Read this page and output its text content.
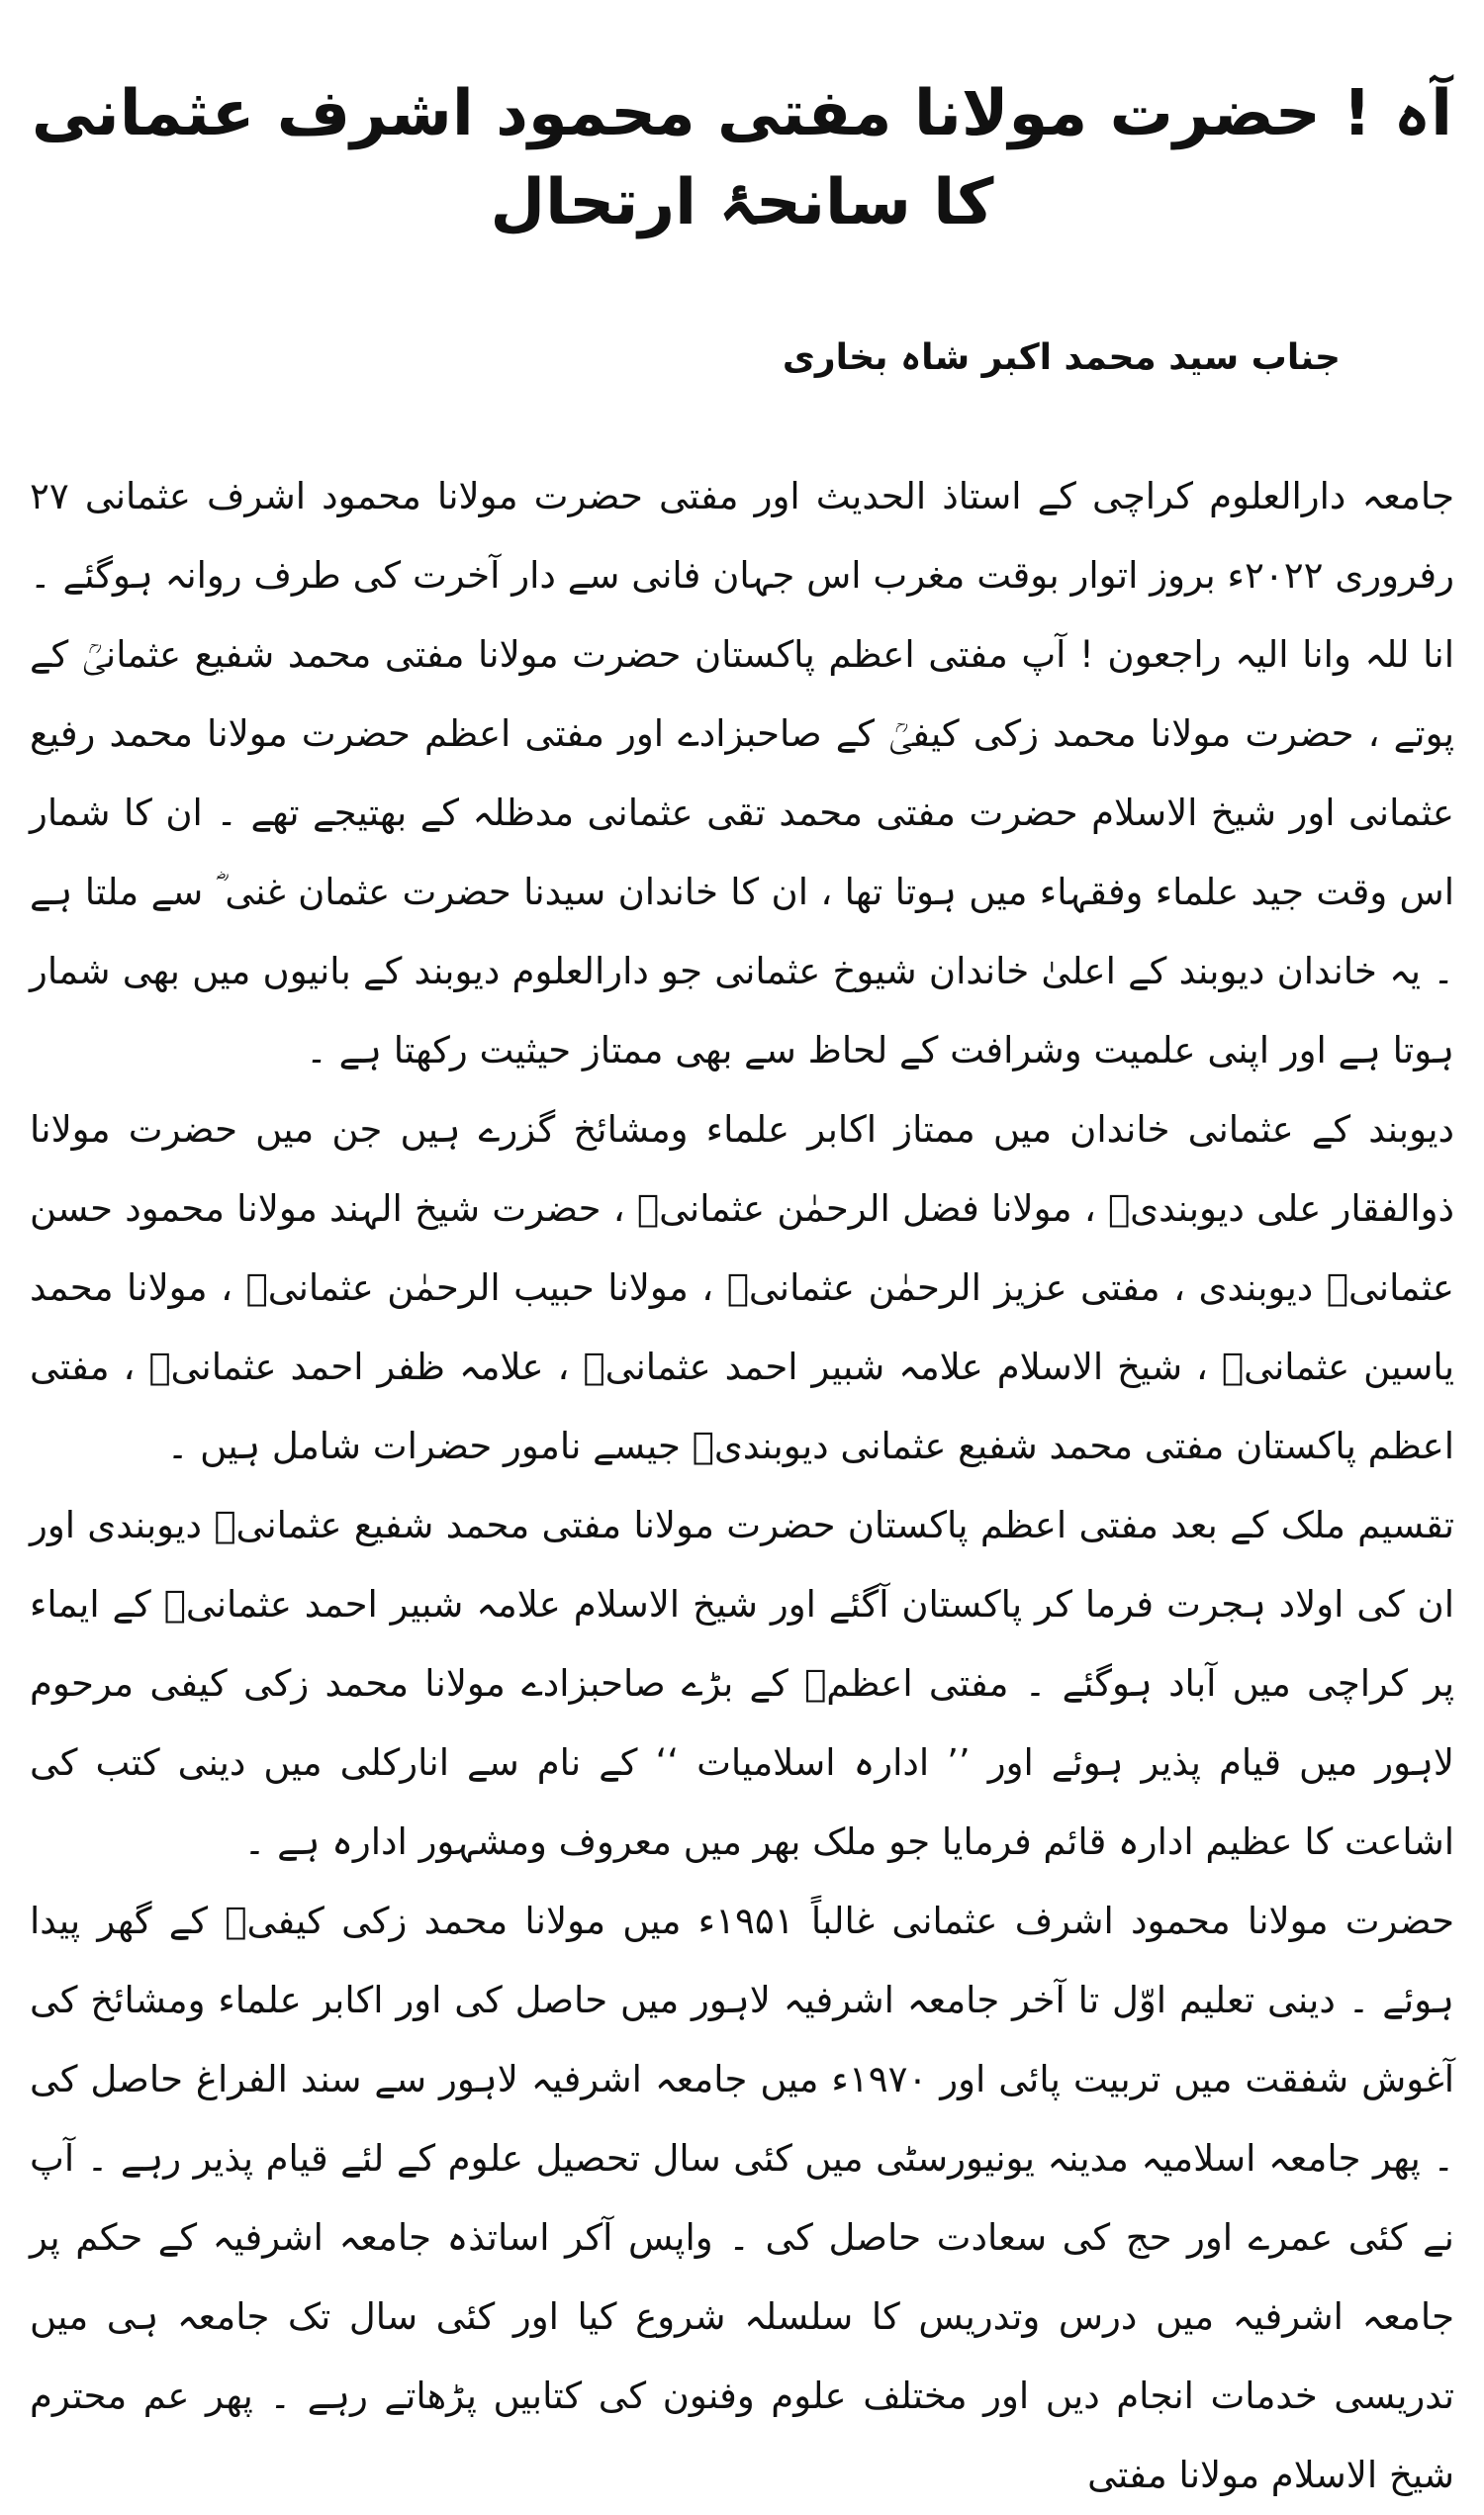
آہ ! حضرت مولانا مفتی محمود اشرف عثمانی کا سانحۂ ارتحال
جناب سید محمد اکبر شاہ بخاری

جامعہ دارالعلوم کراچی کے استاذ الحدیث اور مفتی حضرت مولانا محمود اشرف عثمانی ۲۷ رفروری ۲۰۲۲ء بروز اتوار بوقت مغرب اس جہان فانی سے دار آخرت کی طرف روانہ ہوگئے ۔ انا للہ وانا الیہ راجعون ! آپ مفتی اعظم پاکستان حضرت مولانا مفتی محمد شفیع عثمانیؒ کے پوتے ، حضرت مولانا محمد زکی کیفیؒ کے صاحبزادے اور مفتی اعظم حضرت مولانا محمد رفیع عثمانی اور شیخ الاسلام حضرت مفتی محمد تقی عثمانی مدظلہ کے بھتیجے تھے ۔ ان کا شمار اس وقت جید علماء وفقہاء میں ہوتا تھا ، ان کا خاندان سیدنا حضرت عثمان غنی ؓ سے ملتا ہے ۔ یہ خاندان دیوبند کے اعلیٰ خاندان شیوخ عثمانی جو دارالعلوم دیوبند کے بانیوں میں بھی شمار ہوتا ہے اور اپنی علمیت وشرافت کے لحاظ سے بھی ممتاز حیثیت رکھتا ہے ۔

دیوبند کے عثمانی خاندان میں ممتاز اکابر علماء ومشائخ گزرے ہیں جن میں حضرت مولانا ذوالفقار علی دیوبندیؒ ، مولانا فضل الرحمٰن عثمانیؒ ، حضرت شیخ الہند مولانا محمود حسن عثمانیؒ دیوبندی ، مفتی عزیز الرحمٰن عثمانیؒ ، مولانا حبیب الرحمٰن عثمانیؒ ، مولانا محمد یاسین عثمانیؒ ، شیخ الاسلام علامہ شبیر احمد عثمانیؒ ، علامہ ظفر احمد عثمانیؒ ، مفتی اعظم پاکستان مفتی محمد شفیع عثمانی دیوبندیؒ جیسے نامور حضرات شامل ہیں ۔

تقسیم ملک کے بعد مفتی اعظم پاکستان حضرت مولانا مفتی محمد شفیع عثمانیؒ دیوبندی اور ان کی اولاد ہجرت فرما کر پاکستان آگئے اور شیخ الاسلام علامہ شبیر احمد عثمانیؒ کے ایماء پر کراچی میں آباد ہوگئے ۔ مفتی اعظمؒ کے بڑے صاحبزادے مولانا محمد زکی کیفی مرحوم لاہور میں قیام پذیر ہوئے اور ’’ ادارہ اسلامیات ‘‘ کے نام سے انارکلی میں دینی کتب کی اشاعت کا عظیم ادارہ قائم فرمایا جو ملک بھر میں معروف ومشہور ادارہ ہے ۔

حضرت مولانا محمود اشرف عثمانی غالباً ۱۹۵۱ء میں مولانا محمد زکی کیفیؒ کے گھر پیدا ہوئے ۔ دینی تعلیم اوّل تا آخر جامعہ اشرفیہ لاہور میں حاصل کی اور اکابر علماء ومشائخ کی آغوش شفقت میں تربیت پائی اور ۱۹۷۰ء میں جامعہ اشرفیہ لاہور سے سند الفراغ حاصل کی ۔ پھر جامعہ اسلامیہ مدینہ یونیورسٹی میں کئی سال تحصیل علوم کے لئے قیام پذیر رہے ۔ آپ نے کئی عمرے اور حج کی سعادت حاصل کی ۔ واپس آکر اساتذہ جامعہ اشرفیہ کے حکم پر جامعہ اشرفیہ میں درس وتدریس کا سلسلہ شروع کیا اور کئی سال تک جامعہ ہی میں تدریسی خدمات انجام دیں اور مختلف علوم وفنون کی کتابیں پڑھاتے رہے ۔ پھر عم محترم شیخ الاسلام مولانا مفتی
